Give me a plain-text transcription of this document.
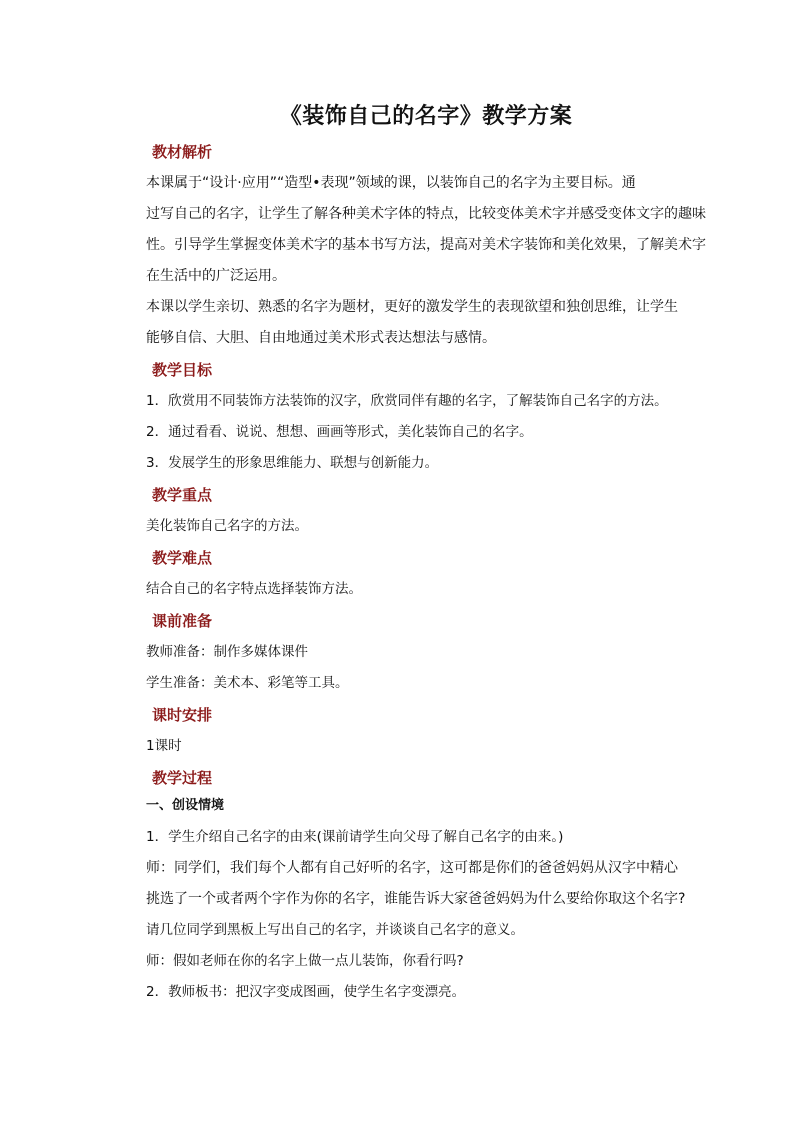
《装饰自己的名字》教学方案
教材解析
本课属于“设计·应用”“造型•表现”领域的课，以装饰自己的名字为主要目标。通
过写自己的名字，让学生了解各种美术字体的特点，比较变体美术字并感受变体文字的趣味
性。引导学生掌握变体美术字的基本书写方法，提高对美术字装饰和美化效果，了解美术字
在生活中的广泛运用。
本课以学生亲切、熟悉的名字为题材，更好的激发学生的表现欲望和独创思维，让学生
能够自信、大胆、自由地通过美术形式表达想法与感情。
教学目标
1．欣赏用不同装饰方法装饰的汉字，欣赏同伴有趣的名字，了解装饰自己名字的方法。
2．通过看看、说说、想想、画画等形式，美化装饰自己的名字。
3．发展学生的形象思维能力、联想与创新能力。
教学重点
美化装饰自己名字的方法。
教学难点
结合自己的名字特点选择装饰方法。
课前准备
教师准备：制作多媒体课件
学生准备：美术本、彩笔等工具。
课时安排
1课时
教学过程
一、创设情境
1．学生介绍自己名字的由来(课前请学生向父母了解自己名字的由来。)
师：同学们，我们每个人都有自己好听的名字，这可都是你们的爸爸妈妈从汉字中精心
挑选了一个或者两个字作为你的名字，谁能告诉大家爸爸妈妈为什么要给你取这个名字?
请几位同学到黑板上写出自己的名字，并谈谈自己名字的意义。
师：假如老师在你的名字上做一点儿装饰，你看行吗?
2．教师板书：把汉字变成图画，使学生名字变漂亮。
